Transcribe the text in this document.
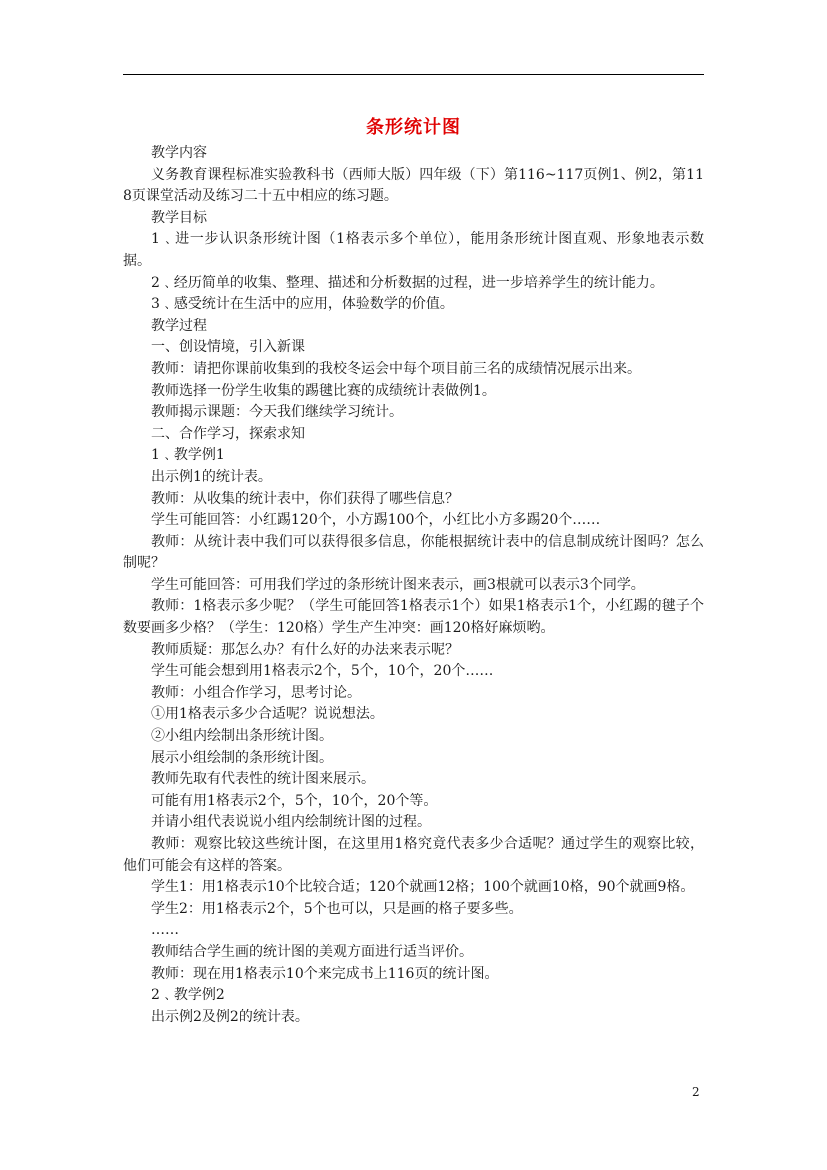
条形统计图

教学内容

义务教育课程标准实验教科书（西师大版）四年级（下）第116~117页例1、例2，第118页课堂活动及练习二十五中相应的练习题。

教学目标

1﹑进一步认识条形统计图（1格表示多个单位），能用条形统计图直观、形象地表示数据。

2﹑经历简单的收集、整理、描述和分析数据的过程，进一步培养学生的统计能力。

3﹑感受统计在生活中的应用，体验数学的价值。

教学过程

一、创设情境，引入新课

教师：请把你课前收集到的我校冬运会中每个项目前三名的成绩情况展示出来。

教师选择一份学生收集的踢毽比赛的成绩统计表做例1。

教师揭示课题：今天我们继续学习统计。

二、合作学习，探索求知

1﹑教学例1

出示例1的统计表。

教师：从收集的统计表中，你们获得了哪些信息？

学生可能回答：小红踢120个，小方踢100个，小红比小方多踢20个……

教师：从统计表中我们可以获得很多信息，你能根据统计表中的信息制成统计图吗？怎么制呢？

学生可能回答：可用我们学过的条形统计图来表示，画3根就可以表示3个同学。

教师：1格表示多少呢？（学生可能回答1格表示1个）如果1格表示1个，小红踢的毽子个数要画多少格？（学生：120格）学生产生冲突：画120格好麻烦哟。

教师质疑：那怎么办？有什么好的办法来表示呢？

学生可能会想到用1格表示2个，5个，10个，20个……

教师：小组合作学习，思考讨论。

①用1格表示多少合适呢？说说想法。

②小组内绘制出条形统计图。

展示小组绘制的条形统计图。

教师先取有代表性的统计图来展示。

可能有用1格表示2个，5个，10个，20个等。

并请小组代表说说小组内绘制统计图的过程。

教师：观察比较这些统计图，在这里用1格究竟代表多少合适呢？通过学生的观察比较，他们可能会有这样的答案。

学生1：用1格表示10个比较合适；120个就画12格；100个就画10格，90个就画9格。

学生2：用1格表示2个，5个也可以，只是画的格子要多些。

……

教师结合学生画的统计图的美观方面进行适当评价。

教师：现在用1格表示10个来完成书上116页的统计图。

2﹑教学例2

出示例2及例2的统计表。

2
